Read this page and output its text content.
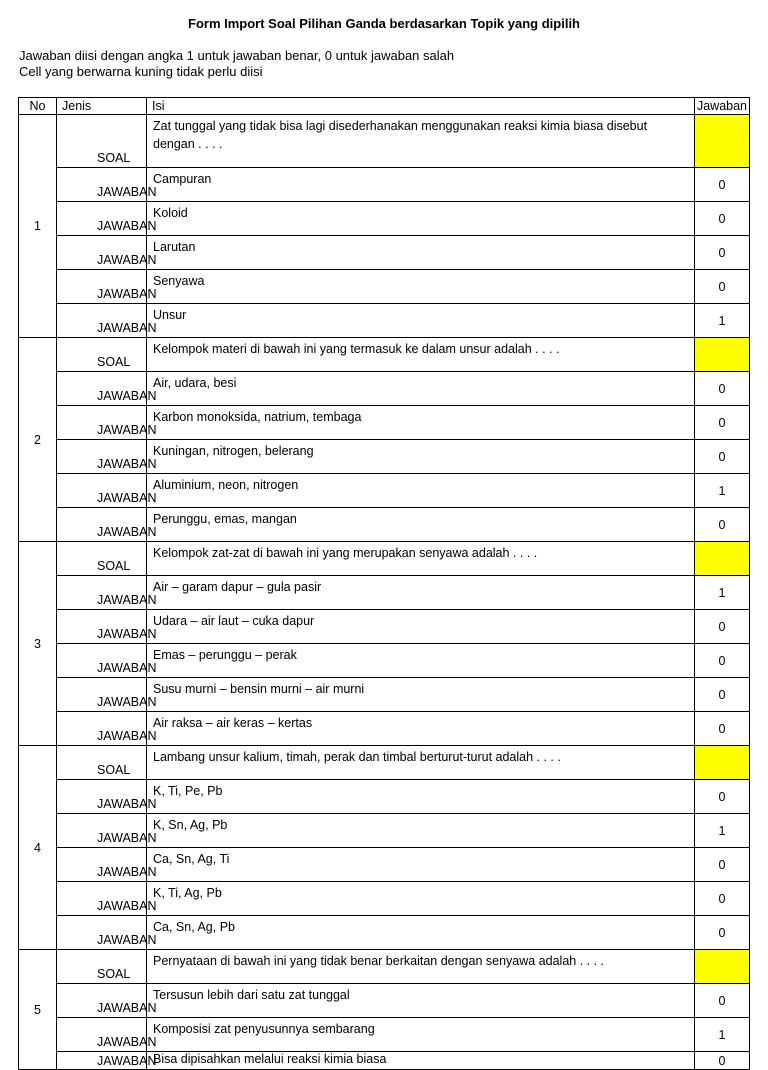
Form Import Soal Pilihan Ganda berdasarkan Topik yang dipilih
Jawaban diisi dengan angka 1 untuk jawaban benar, 0 untuk jawaban salah
Cell yang berwarna kuning tidak perlu diisi
No	Jenis	Isi	Jawaban
1	SOAL	Zat tunggal yang tidak bisa lagi disederhanakan menggunakan reaksi kimia biasa disebut dengan . . . .	
	JAWABAN	Campuran	0
	JAWABAN	Koloid	0
	JAWABAN	Larutan	0
	JAWABAN	Senyawa	0
	JAWABAN	Unsur	1
2	SOAL	Kelompok materi di bawah ini yang termasuk ke dalam unsur adalah . . . .	
	JAWABAN	Air, udara, besi	0
	JAWABAN	Karbon monoksida, natrium, tembaga	0
	JAWABAN	Kuningan, nitrogen, belerang	0
	JAWABAN	Aluminium, neon, nitrogen	1
	JAWABAN	Perunggu, emas, mangan	0
3	SOAL	Kelompok zat-zat di bawah ini yang merupakan senyawa adalah . . . .	
	JAWABAN	Air – garam dapur – gula pasir	1
	JAWABAN	Udara – air laut – cuka dapur	0
	JAWABAN	Emas – perunggu – perak	0
	JAWABAN	Susu murni – bensin murni – air murni	0
	JAWABAN	Air raksa – air keras – kertas	0
4	SOAL	Lambang unsur kalium, timah, perak dan timbal berturut-turut adalah . . . .	
	JAWABAN	K, Ti, Pe, Pb	0
	JAWABAN	K, Sn, Ag, Pb	1
	JAWABAN	Ca, Sn, Ag, Ti	0
	JAWABAN	K, Ti, Ag, Pb	0
	JAWABAN	Ca, Sn, Ag, Pb	0
5	SOAL	Pernyataan di bawah ini yang tidak benar berkaitan dengan senyawa adalah . . . .	
	JAWABAN	Tersusun lebih dari satu zat tunggal	0
	JAWABAN	Komposisi zat penyusunnya sembarang	1
	JAWABAN	Bisa dipisahkan melalui reaksi kimia biasa	0
